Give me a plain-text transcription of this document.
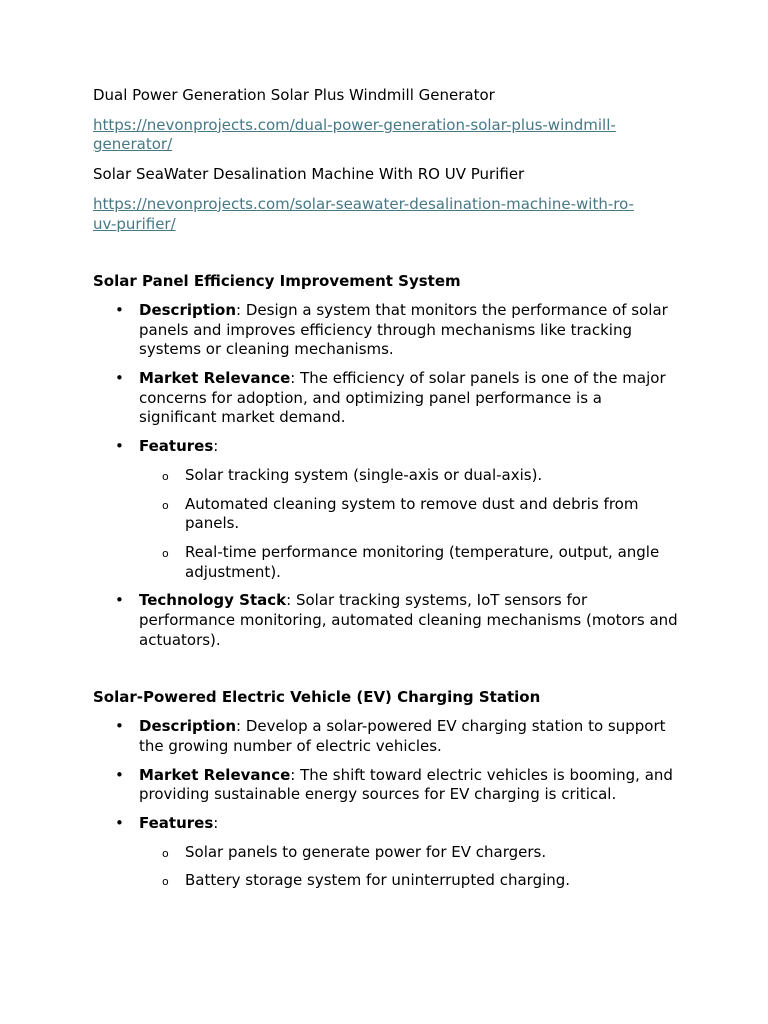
Dual Power Generation Solar Plus Windmill Generator

https://nevonprojects.com/dual-power-generation-solar-plus-windmill-generator/

Solar SeaWater Desalination Machine With RO UV Purifier

https://nevonprojects.com/solar-seawater-desalination-machine-with-ro-uv-purifier/

Solar Panel Efficiency Improvement System

• Description: Design a system that monitors the performance of solar panels and improves efficiency through mechanisms like tracking systems or cleaning mechanisms.
• Market Relevance: The efficiency of solar panels is one of the major concerns for adoption, and optimizing panel performance is a significant market demand.
• Features:
o Solar tracking system (single-axis or dual-axis).
o Automated cleaning system to remove dust and debris from panels.
o Real-time performance monitoring (temperature, output, angle adjustment).
• Technology Stack: Solar tracking systems, IoT sensors for performance monitoring, automated cleaning mechanisms (motors and actuators).

Solar-Powered Electric Vehicle (EV) Charging Station

• Description: Develop a solar-powered EV charging station to support the growing number of electric vehicles.
• Market Relevance: The shift toward electric vehicles is booming, and providing sustainable energy sources for EV charging is critical.
• Features:
o Solar panels to generate power for EV chargers.
o Battery storage system for uninterrupted charging.
